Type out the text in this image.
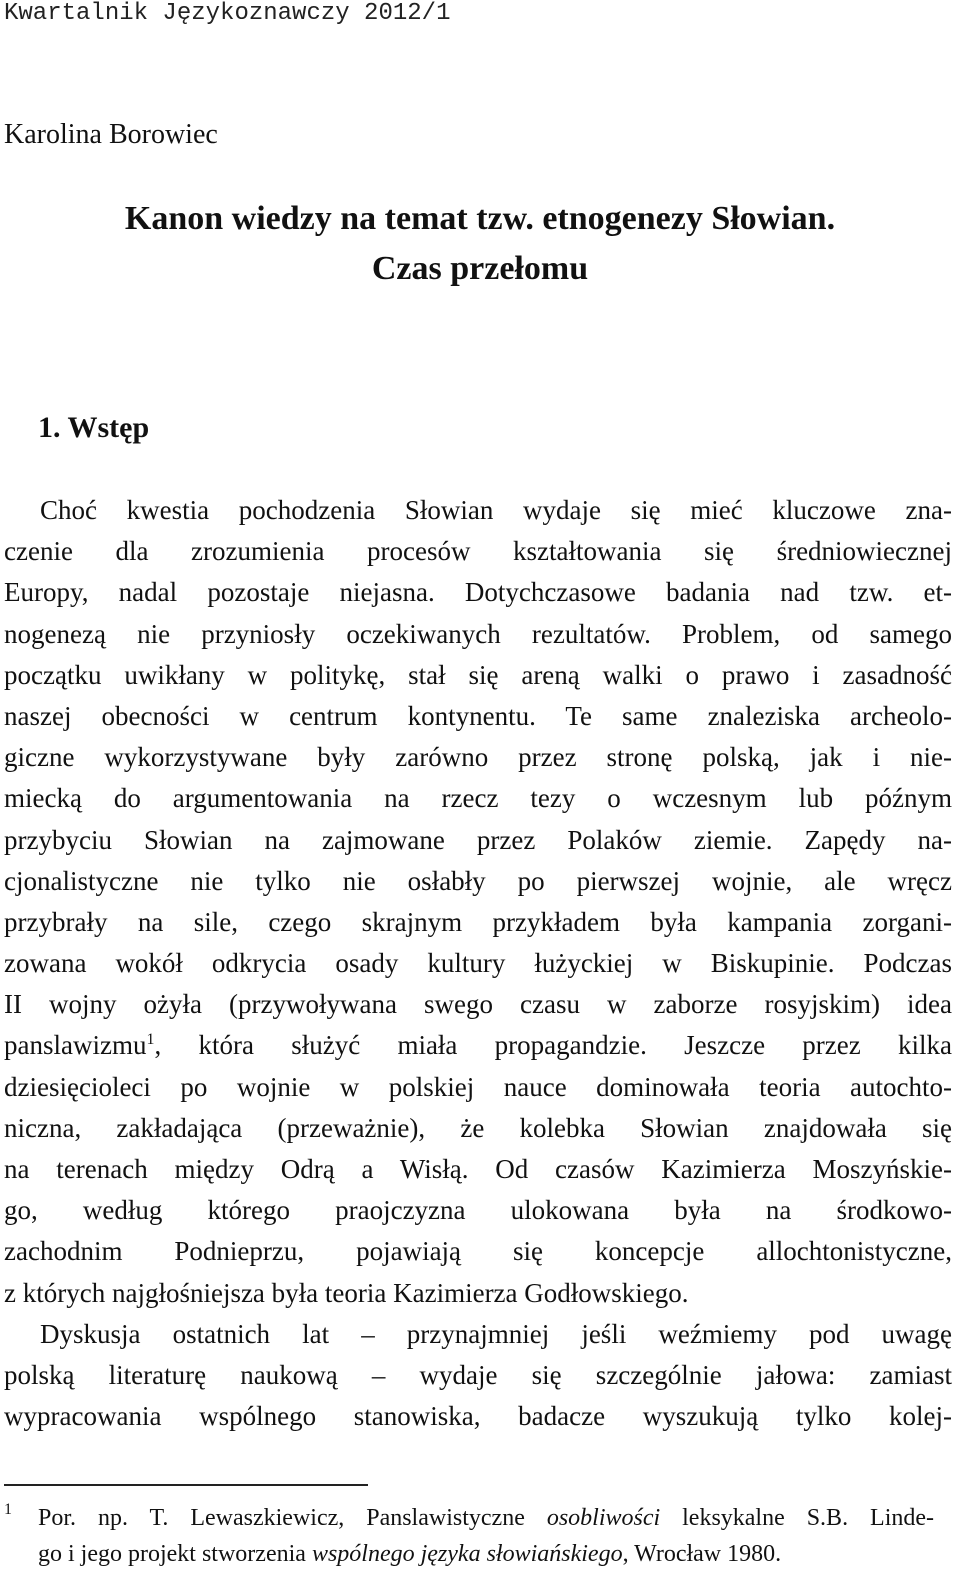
Kwartalnik Językoznawczy 2012/1
Karolina Borowiec
Kanon wiedzy na temat tzw. etnogenezy Słowian.
Czas przełomu
1. Wstęp
Choć kwestia pochodzenia Słowian wydaje się mieć kluczowe zna-
czenie dla zrozumienia procesów kształtowania się średniowiecznej
Europy, nadal pozostaje niejasna. Dotychczasowe badania nad tzw. et-
nogenezą nie przyniosły oczekiwanych rezultatów. Problem, od samego
początku uwikłany w politykę, stał się areną walki o prawo i zasadność
naszej obecności w centrum kontynentu. Te same znaleziska archeolo-
giczne wykorzystywane były zarówno przez stronę polską, jak i nie-
miecką do argumentowania na rzecz tezy o wczesnym lub późnym
przybyciu Słowian na zajmowane przez Polaków ziemie. Zapędy na-
cjonalistyczne nie tylko nie osłabły po pierwszej wojnie, ale wręcz
przybrały na sile, czego skrajnym przykładem była kampania zorgani-
zowana wokół odkrycia osady kultury łużyckiej w Biskupinie. Podczas
II wojny ożyła (przywoływana swego czasu w zaborze rosyjskim) idea
panslawizmu$^1$, która służyć miała propagandzie. Jeszcze przez kilka
dziesięcioleci po wojnie w polskiej nauce dominowała teoria autochto-
niczna, zakładająca (przeważnie), że kolebka Słowian znajdowała się
na terenach między Odrą a Wisłą. Od czasów Kazimierza Moszyńskie-
go, według którego praojczyzna ulokowana była na środkowo-
zachodnim Podnieprzu, pojawiają się koncepcje allochtonistyczne,
z których najgłośniejsza była teoria Kazimierza Godłowskiego.
Dyskusja ostatnich lat – przynajmniej jeśli weźmiemy pod uwagę
polską literaturę naukową – wydaje się szczególnie jałowa: zamiast
wypracowania wspólnego stanowiska, badacze wyszukują tylko kolej-
1 Por. np. T. Lewaszkiewicz, Panslawistyczne osobliwości leksykalne S.B. Linde-
go i jego projekt stworzenia wspólnego języka słowiańskiego, Wrocław 1980.
